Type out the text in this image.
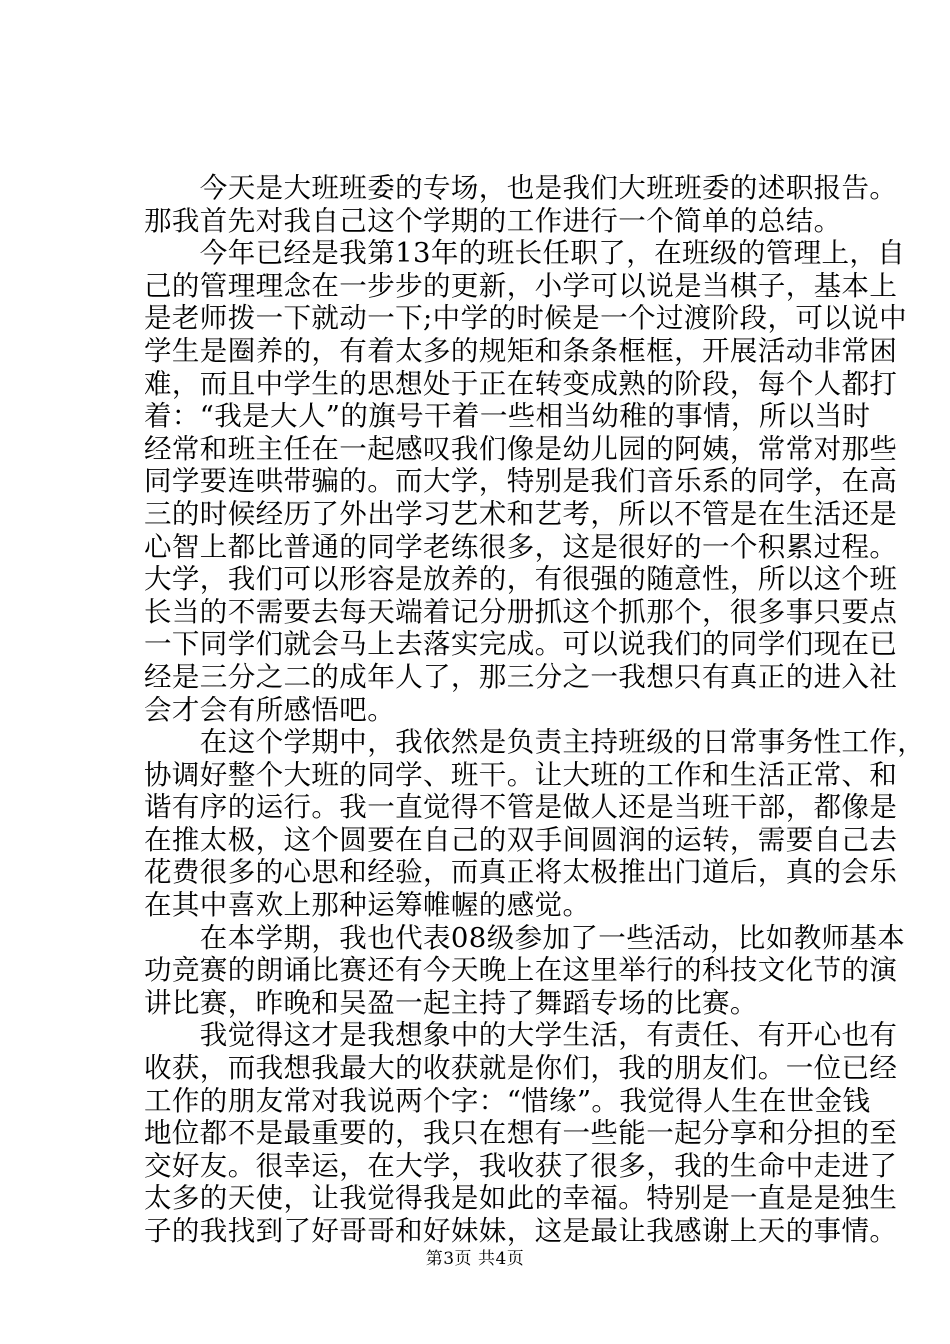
　　今天是大班班委的专场，也是我们大班班委的述职报告。
那我首先对我自己这个学期的工作进行一个简单的总结。
　　今年已经是我第13年的班长任职了，在班级的管理上，自
己的管理理念在一步步的更新，小学可以说是当棋子，基本上
是老师拨一下就动一下;中学的时候是一个过渡阶段，可以说中
学生是圈养的，有着太多的规矩和条条框框，开展活动非常困
难，而且中学生的思想处于正在转变成熟的阶段，每个人都打
着：“我是大人”的旗号干着一些相当幼稚的事情，所以当时
经常和班主任在一起感叹我们像是幼儿园的阿姨，常常对那些
同学要连哄带骗的。而大学，特别是我们音乐系的同学，在高
三的时候经历了外出学习艺术和艺考，所以不管是在生活还是
心智上都比普通的同学老练很多，这是很好的一个积累过程。
大学，我们可以形容是放养的，有很强的随意性，所以这个班
长当的不需要去每天端着记分册抓这个抓那个，很多事只要点
一下同学们就会马上去落实完成。可以说我们的同学们现在已
经是三分之二的成年人了，那三分之一我想只有真正的进入社
会才会有所感悟吧。
　　在这个学期中，我依然是负责主持班级的日常事务性工作，
协调好整个大班的同学、班干。让大班的工作和生活正常、和
谐有序的运行。我一直觉得不管是做人还是当班干部，都像是
在推太极，这个圆要在自己的双手间圆润的运转，需要自己去
花费很多的心思和经验，而真正将太极推出门道后，真的会乐
在其中喜欢上那种运筹帷幄的感觉。
　　在本学期，我也代表08级参加了一些活动，比如教师基本
功竞赛的朗诵比赛还有今天晚上在这里举行的科技文化节的演
讲比赛，昨晚和吴盈一起主持了舞蹈专场的比赛。
　　我觉得这才是我想象中的大学生活，有责任、有开心也有
收获，而我想我最大的收获就是你们，我的朋友们。一位已经
工作的朋友常对我说两个字：“惜缘”。我觉得人生在世金钱
地位都不是最重要的，我只在想有一些能一起分享和分担的至
交好友。很幸运，在大学，我收获了很多，我的生命中走进了
太多的天使，让我觉得我是如此的幸福。特别是一直是是独生
子的我找到了好哥哥和好妹妹，这是最让我感谢上天的事情。
第3页 共4页
